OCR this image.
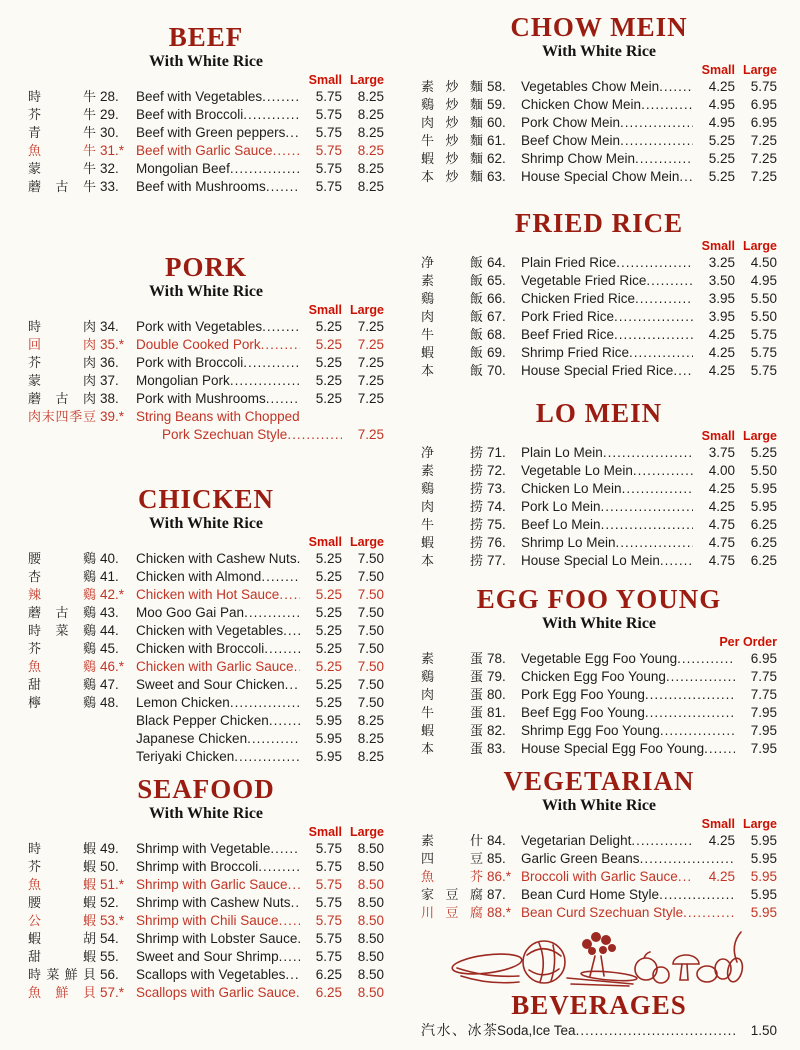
BEEF
With White Rice
Small Large
時	牛 28.	Beef with Vegetables .....	5.75	8.25
芥	牛 29.	Beef with Broccoli .....	5.75	8.25
青	牛 30.	Beef with Green peppers .....	5.75	8.25
魚	牛 31.* Beef with Garlic Sauce .....	5.75	8.25
蒙	牛 32.	Mongolian Beef .....	5.75	8.25
蘑 古 牛 33.	Beef with Mushrooms .....	5.75	8.25
PORK
With White Rice
Small Large
時	肉 34.	Pork with Vegetables .....	5.25	7.25
回	肉 35.* Double Cooked Pork .....	5.25	7.25
芥	肉 36.	Pork with Broccoli .....	5.25	7.25
蒙	肉 37.	Mongolian Pork .....	5.25	7.25
蘑 古 肉 38.	Pork with Mushrooms .....	5.25	7.25
肉 末 四 季 豆 39.* String Beans with Chopped
Pork Szechuan Style .....	7.25
CHICKEN
With White Rice
Small Large
腰	鷄 40.	Chicken with Cashew Nuts .....	5.25	7.50
杏	鷄 41.	Chicken with Almond .....	5.25	7.50
辣	鷄 42.* Chicken with Hot Sauce .....	5.25	7.50
蘑 古 鷄 43.	Moo Goo Gai Pan .....	5.25	7.50
時 菜 鷄 44.	Chicken with Vegetables .....	5.25	7.50
芥	鷄 45.	Chicken with Broccoli .....	5.25	7.50
魚	鷄 46.* Chicken with Garlic Sauce .....	5.25	7.50
甜	鷄 47.	Sweet and Sour Chicken .....	5.25	7.50
檸	鷄 48.	Lemon Chicken .....	5.25	7.50
Black Pepper Chicken .....	5.95	8.25
Japanese Chicken .....	5.95	8.25
Teriyaki Chicken .....	5.95	8.25
SEAFOOD
With White Rice
Small Large
時	蝦 49.	Shrimp with Vegetable .....	5.75	8.50
芥	蝦 50.	Shrimp with Broccoli .....	5.75	8.50
魚	蝦 51.* Shrimp with Garlic Sauce .....	5.75	8.50
腰	蝦 52.	Shrimp with Cashew Nuts .....	5.75	8.50
公	蝦 53.* Shrimp with Chili Sauce .....	5.75	8.50
蝦	胡 54.	Shrimp with Lobster Sauce .....	5.75	8.50
甜	蝦 55.	Sweet and Sour Shrimp .....	5.75	8.50
時 菜 鮮 貝 56.	Scallops with Vegetables .....	6.25	8.50
魚 鮮 貝 57.* Scallops with Garlic Sauce .....	6.25	8.50
CHOW MEIN
With White Rice
Small Large
素 炒 麵 58.	Vegetables Chow Mein .....	4.25	5.75
鷄 炒 麵 59.	Chicken Chow Mein .....	4.95	6.95
肉 炒 麵 60.	Pork Chow Mein .....	4.95	6.95
牛 炒 麵 61.	Beef Chow Mein .....	5.25	7.25
蝦 炒 麵 62.	Shrimp Chow Mein .....	5.25	7.25
本 炒 麵 63.	House Special Chow Mein .....	5.25	7.25
FRIED RICE
Small Large
净	飯 64.	Plain Fried Rice .....	3.25	4.50
素	飯 65.	Vegetable Fried Rice .....	3.50	4.95
鷄	飯 66.	Chicken Fried Rice .....	3.95	5.50
肉	飯 67.	Pork Fried Rice .....	3.95	5.50
牛	飯 68.	Beef Fried Rice .....	4.25	5.75
蝦	飯 69.	Shrimp Fried Rice .....	4.25	5.75
本	飯 70.	House Special Fried Rice .....	4.25	5.75
LO MEIN
Small Large
净	捞 71.	Plain Lo Mein .....	3.75	5.25
素	捞 72.	Vegetable Lo Mein .....	4.00	5.50
鷄	捞 73.	Chicken Lo Mein .....	4.25	5.95
肉	捞 74.	Pork Lo Mein .....	4.25	5.95
牛	捞 75.	Beef Lo Mein .....	4.75	6.25
蝦	捞 76.	Shrimp Lo Mein .....	4.75	6.25
本	捞 77.	House Special Lo Mein .....	4.75	6.25
EGG FOO YOUNG
With White Rice
Per Order
素	蛋 78.	Vegetable Egg Foo Young .....	6.95
鷄	蛋 79.	Chicken Egg Foo Young .....	7.75
肉	蛋 80.	Pork Egg Foo Young .....	7.75
牛	蛋 81.	Beef Egg Foo Young .....	7.95
蝦	蛋 82.	Shrimp Egg Foo Young .....	7.95
本	蛋 83.	House Special Egg Foo Young .....	7.95
VEGETARIAN
With White Rice
Small Large
素	什 84.	Vegetarian Delight .....	4.25	5.95
四	豆 85.	Garlic Green Beans .....	5.95
魚	芥 86.* Broccoli with Garlic Sauce .....	4.25	5.95
家 豆 腐 87.	Bean Curd Home Style .....	5.95
川 豆 腐 88.* Bean Curd Szechuan Style .....	5.95
BEVERAGES
汽 水 、 冰 茶 Soda,Ice Tea .....	1.50
